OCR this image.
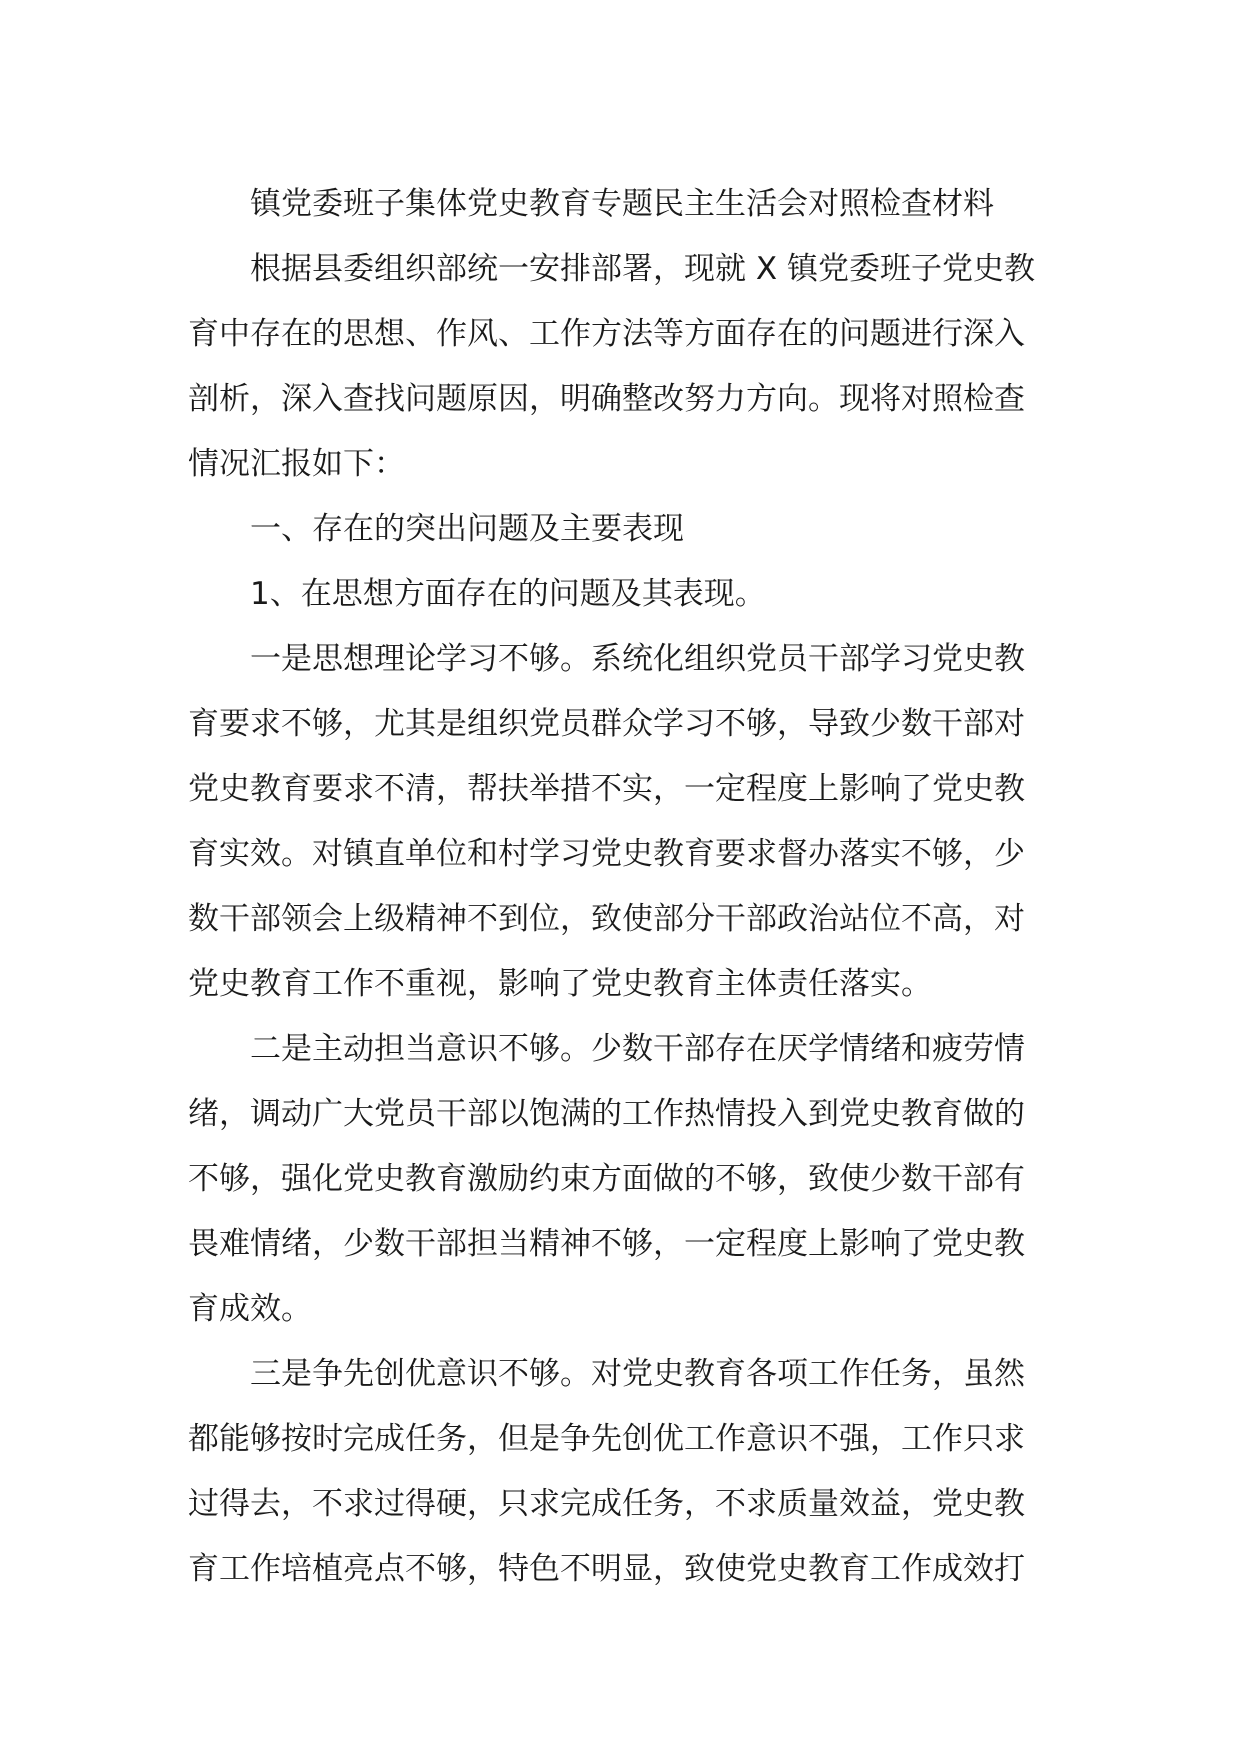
镇党委班子集体党史教育专题民主生活会对照检查材料
根据县委组织部统一安排部署，现就 X 镇党委班子党史教
育中存在的思想、作风、工作方法等方面存在的问题进行深入
剖析，深入查找问题原因，明确整改努力方向。现将对照检查
情况汇报如下：
一、存在的突出问题及主要表现
1、在思想方面存在的问题及其表现。
一是思想理论学习不够。系统化组织党员干部学习党史教
育要求不够，尤其是组织党员群众学习不够，导致少数干部对
党史教育要求不清，帮扶举措不实，一定程度上影响了党史教
育实效。对镇直单位和村学习党史教育要求督办落实不够，少
数干部领会上级精神不到位，致使部分干部政治站位不高，对
党史教育工作不重视，影响了党史教育主体责任落实。
二是主动担当意识不够。少数干部存在厌学情绪和疲劳情
绪，调动广大党员干部以饱满的工作热情投入到党史教育做的
不够，强化党史教育激励约束方面做的不够，致使少数干部有
畏难情绪，少数干部担当精神不够，一定程度上影响了党史教
育成效。
三是争先创优意识不够。对党史教育各项工作任务，虽然
都能够按时完成任务，但是争先创优工作意识不强，工作只求
过得去，不求过得硬，只求完成任务，不求质量效益，党史教
育工作培植亮点不够，特色不明显，致使党史教育工作成效打
